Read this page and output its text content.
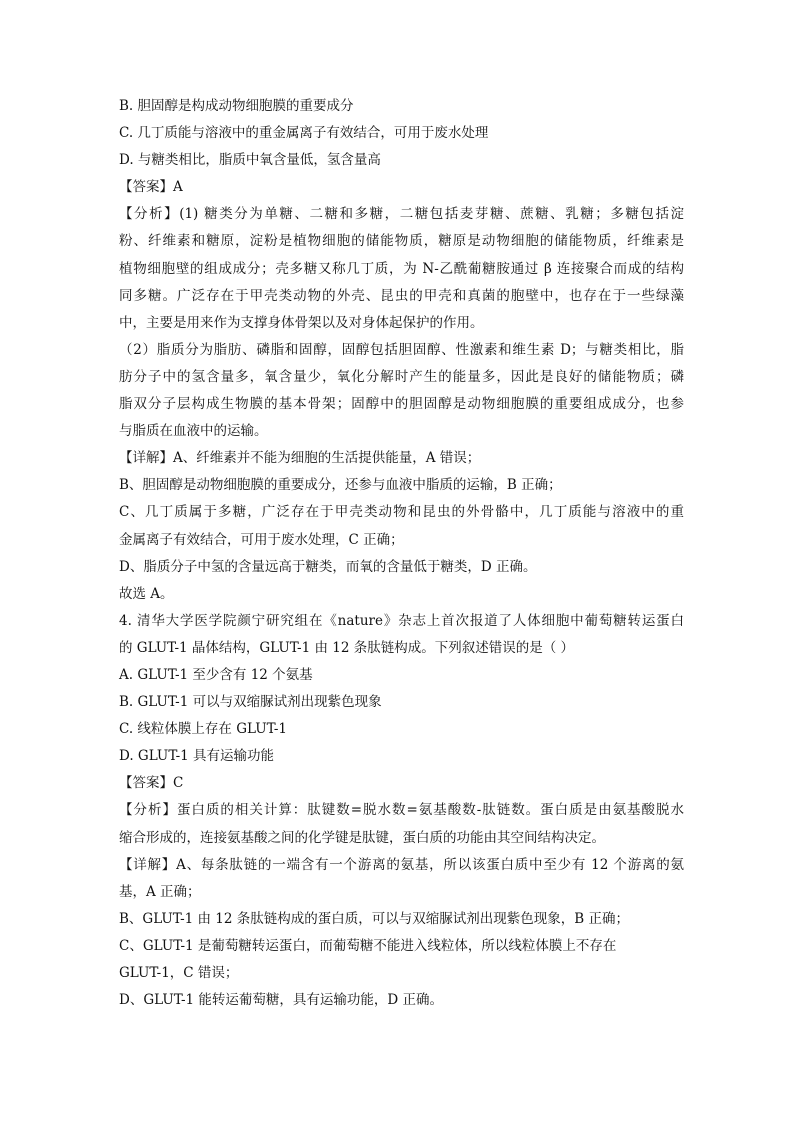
B. 胆固醇是构成动物细胞膜的重要成分

C. 几丁质能与溶液中的重金属离子有效结合，可用于废水处理

D. 与糖类相比，脂质中氧含量低，氢含量高

【答案】A

【分析】(1) 糖类分为单糖、二糖和多糖，二糖包括麦芽糖、蔗糖、乳糖；多糖包括淀

粉、纤维素和糖原，淀粉是植物细胞的储能物质，糖原是动物细胞的储能物质，纤维素是

植物细胞壁的组成成分；壳多糖又称几丁质，为 N-乙酰葡糖胺通过 β 连接聚合而成的结构

同多糖。广泛存在于甲壳类动物的外壳、昆虫的甲壳和真菌的胞壁中，也存在于一些绿藻

中，主要是用来作为支撑身体骨架以及对身体起保护的作用。

（2）脂质分为脂肪、磷脂和固醇，固醇包括胆固醇、性激素和维生素 D；与糖类相比，脂

肪分子中的氢含量多，氧含量少，氧化分解时产生的能量多，因此是良好的储能物质；磷

脂双分子层构成生物膜的基本骨架；固醇中的胆固醇是动物细胞膜的重要组成成分，也参

与脂质在血液中的运输。

【详解】A、纤维素并不能为细胞的生活提供能量，A 错误；

B、胆固醇是动物细胞膜的重要成分，还参与血液中脂质的运输，B 正确；

C、几丁质属于多糖，广泛存在于甲壳类动物和昆虫的外骨骼中，几丁质能与溶液中的重

金属离子有效结合，可用于废水处理，C 正确；

D、脂质分子中氢的含量远高于糖类，而氧的含量低于糖类，D 正确。

故选 A。

4. 清华大学医学院颜宁研究组在《nature》杂志上首次报道了人体细胞中葡萄糖转运蛋白

的 GLUT-1 晶体结构，GLUT-1 由 12 条肽链构成。下列叙述错误的是（ ）

A. GLUT-1 至少含有 12 个氨基

B. GLUT-1 可以与双缩脲试剂出现紫色现象

C. 线粒体膜上存在 GLUT-1

D. GLUT-1 具有运输功能

【答案】C

【分析】蛋白质的相关计算：肽键数=脱水数=氨基酸数-肽链数。蛋白质是由氨基酸脱水

缩合形成的，连接氨基酸之间的化学键是肽键，蛋白质的功能由其空间结构决定。

【详解】A、每条肽链的一端含有一个游离的氨基，所以该蛋白质中至少有 12 个游离的氨

基，A 正确；

B、GLUT-1 由 12 条肽链构成的蛋白质，可以与双缩脲试剂出现紫色现象，B 正确；

C、GLUT-1 是葡萄糖转运蛋白，而葡萄糖不能进入线粒体，所以线粒体膜上不存在

GLUT-1，C 错误；

D、GLUT-1 能转运葡萄糖，具有运输功能，D 正确。
